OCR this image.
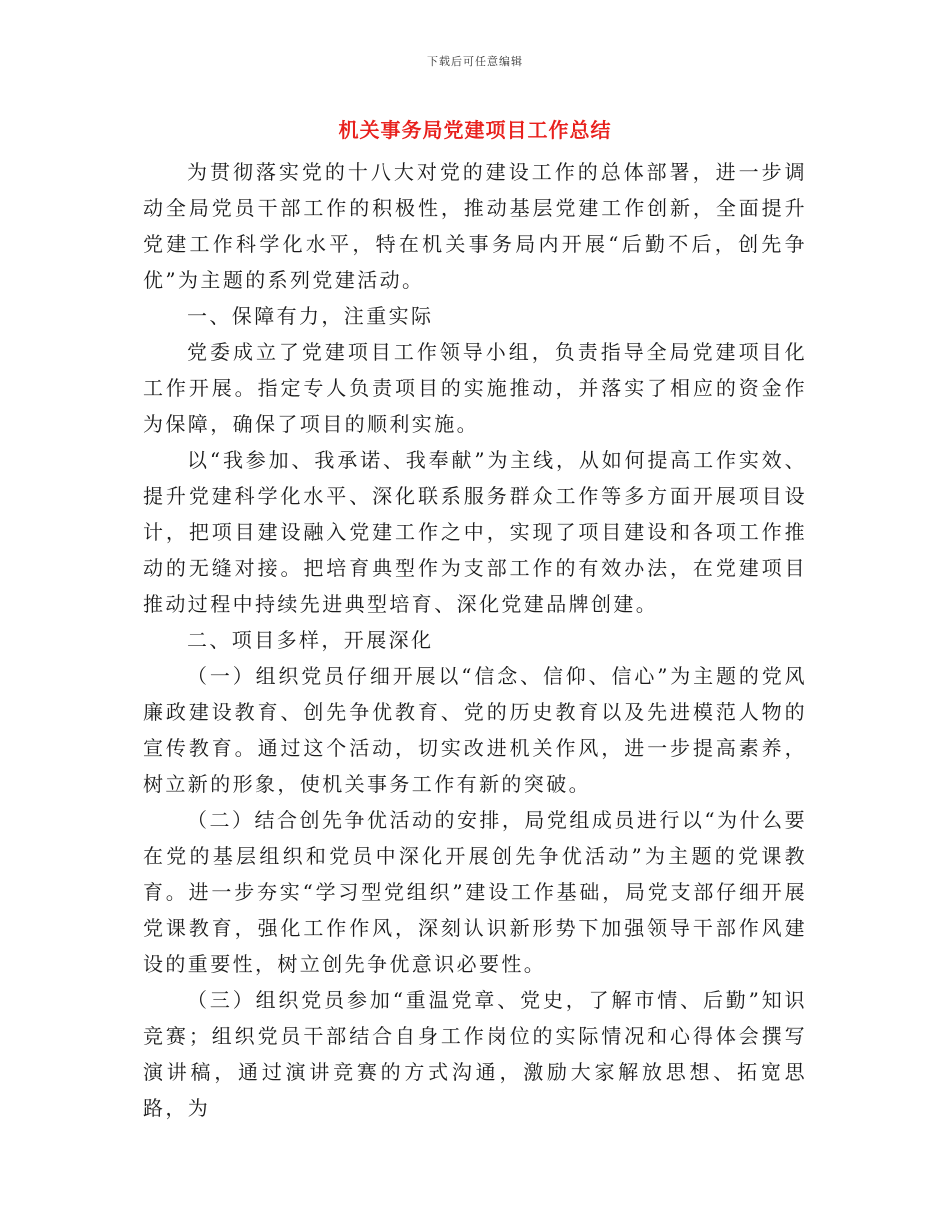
下载后可任意编辑
机关事务局党建项目工作总结

为贯彻落实党的十八大对党的建设工作的总体部署，进一步调动全局党员干部工作的积极性，推动基层党建工作创新，全面提升党建工作科学化水平，特在机关事务局内开展“后勤不后，创先争优”为主题的系列党建活动。

一、保障有力，注重实际

党委成立了党建项目工作领导小组，负责指导全局党建项目化工作开展。指定专人负责项目的实施推动，并落实了相应的资金作为保障，确保了项目的顺利实施。

以“我参加、我承诺、我奉献”为主线，从如何提高工作实效、提升党建科学化水平、深化联系服务群众工作等多方面开展项目设计，把项目建设融入党建工作之中，实现了项目建设和各项工作推动的无缝对接。把培育典型作为支部工作的有效办法，在党建项目推动过程中持续先进典型培育、深化党建品牌创建。

二、项目多样，开展深化

（一）组织党员仔细开展以“信念、信仰、信心”为主题的党风廉政建设教育、创先争优教育、党的历史教育以及先进模范人物的宣传教育。通过这个活动，切实改进机关作风，进一步提高素养，树立新的形象，使机关事务工作有新的突破。

（二）结合创先争优活动的安排，局党组成员进行以“为什么要在党的基层组织和党员中深化开展创先争优活动”为主题的党课教育。进一步夯实“学习型党组织”建设工作基础，局党支部仔细开展党课教育，强化工作作风，深刻认识新形势下加强领导干部作风建设的重要性，树立创先争优意识必要性。

（三）组织党员参加“重温党章、党史，了解市情、后勤”知识竞赛；组织党员干部结合自身工作岗位的实际情况和心得体会撰写演讲稿，通过演讲竞赛的方式沟通，激励大家解放思想、拓宽思路，为
